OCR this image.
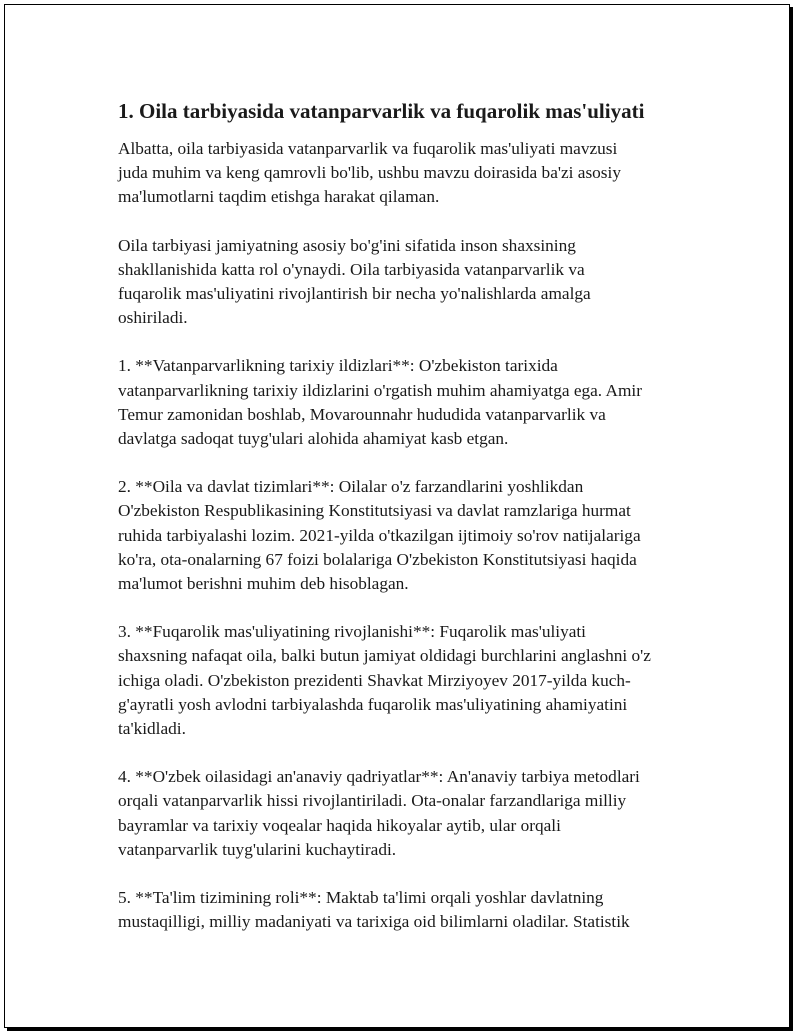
1. Oila tarbiyasida vatanparvarlik va fuqarolik mas'uliyati
Albatta, oila tarbiyasida vatanparvarlik va fuqarolik mas'uliyati mavzusi
juda muhim va keng qamrovli bo'lib, ushbu mavzu doirasida ba'zi asosiy
ma'lumotlarni taqdim etishga harakat qilaman.
Oila tarbiyasi jamiyatning asosiy bo'g'ini sifatida inson shaxsining
shakllanishida katta rol o'ynaydi. Oila tarbiyasida vatanparvarlik va
fuqarolik mas'uliyatini rivojlantirish bir necha yo'nalishlarda amalga
oshiriladi.
1. **Vatanparvarlikning tarixiy ildizlari**: O'zbekiston tarixida
vatanparvarlikning tarixiy ildizlarini o'rgatish muhim ahamiyatga ega. Amir
Temur zamonidan boshlab, Movarounnahr hududida vatanparvarlik va
davlatga sadoqat tuyg'ulari alohida ahamiyat kasb etgan.
2. **Oila va davlat tizimlari**: Oilalar o'z farzandlarini yoshlikdan
O'zbekiston Respublikasining Konstitutsiyasi va davlat ramzlariga hurmat
ruhida tarbiyalashi lozim. 2021-yilda o'tkazilgan ijtimoiy so'rov natijalariga
ko'ra, ota-onalarning 67 foizi bolalariga O'zbekiston Konstitutsiyasi haqida
ma'lumot berishni muhim deb hisoblagan.
3. **Fuqarolik mas'uliyatining rivojlanishi**: Fuqarolik mas'uliyati
shaxsning nafaqat oila, balki butun jamiyat oldidagi burchlarini anglashni o'z
ichiga oladi. O'zbekiston prezidenti Shavkat Mirziyoyev 2017-yilda kuch-
g'ayratli yosh avlodni tarbiyalashda fuqarolik mas'uliyatining ahamiyatini
ta'kidladi.
4. **O'zbek oilasidagi an'anaviy qadriyatlar**: An'anaviy tarbiya metodlari
orqali vatanparvarlik hissi rivojlantiriladi. Ota-onalar farzandlariga milliy
bayramlar va tarixiy voqealar haqida hikoyalar aytib, ular orqali
vatanparvarlik tuyg'ularini kuchaytiradi.
5. **Ta'lim tizimining roli**: Maktab ta'limi orqali yoshlar davlatning
mustaqilligi, milliy madaniyati va tarixiga oid bilimlarni oladilar. Statistik
